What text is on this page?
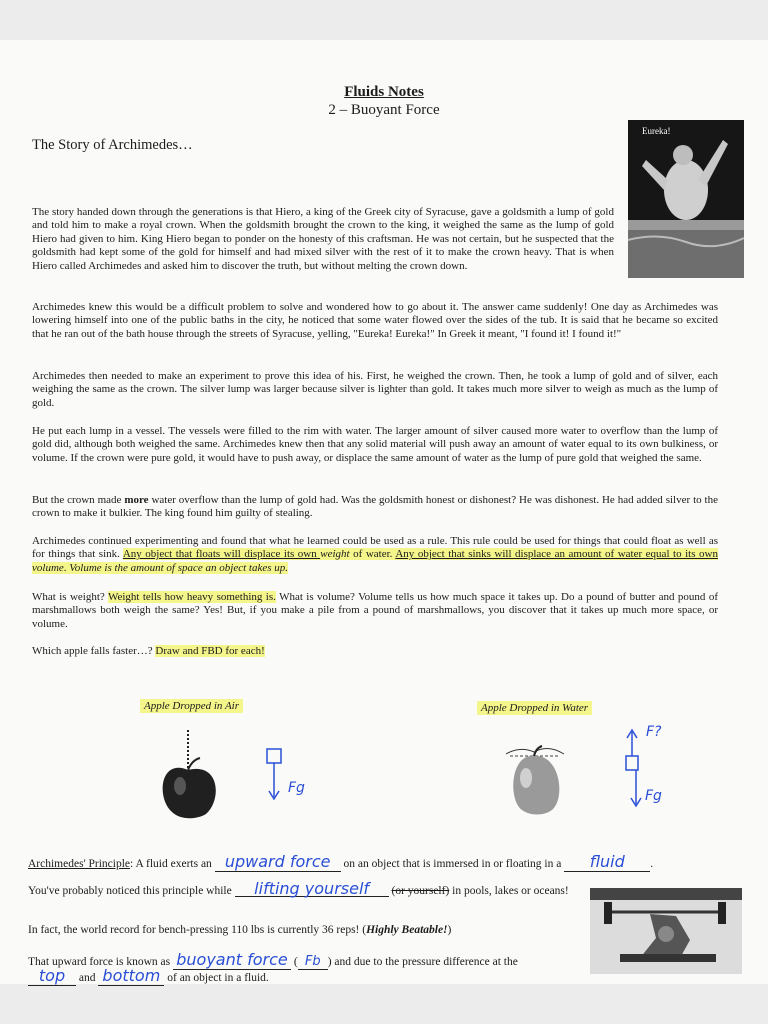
Fluids Notes
2 – Buoyant Force
Eureka!
The Story of Archimedes…

The story handed down through the generations is that Hiero, a king of the Greek city of Syracuse, gave a goldsmith a lump of gold and told him to make a royal crown. When the goldsmith brought the crown to the king, it weighed the same as the lump of gold Hiero had given to him. King Hiero began to ponder on the honesty of this craftsman. He was not certain, but he suspected that the goldsmith had kept some of the gold for himself and had mixed silver with the rest of it to make the crown heavy. That is when Hiero called Archimedes and asked him to discover the truth, but without melting the crown down.

Archimedes knew this would be a difficult problem to solve and wondered how to go about it. The answer came suddenly! One day as Archimedes was lowering himself into one of the public baths in the city, he noticed that some water flowed over the sides of the tub. It is said that he became so excited that he ran out of the bath house through the streets of Syracuse, yelling, "Eureka! Eureka!" In Greek it meant, "I found it! I found it!"

Archimedes then needed to make an experiment to prove this idea of his. First, he weighed the crown. Then, he took a lump of gold and of silver, each weighing the same as the crown. The silver lump was larger because silver is lighter than gold. It takes much more silver to weigh as much as the lump of gold.

He put each lump in a vessel. The vessels were filled to the rim with water. The larger amount of silver caused more water to overflow than the lump of gold did, although both weighed the same. Archimedes knew then that any solid material will push away an amount of water equal to its own bulkiness, or volume. If the crown were pure gold, it would have to push away, or displace the same amount of water as the lump of pure gold that weighed the same.

But the crown made more water overflow than the lump of gold had. Was the goldsmith honest or dishonest? He was dishonest. He had added silver to the crown to make it bulkier. The king found him guilty of stealing.

Archimedes continued experimenting and found that what he learned could be used as a rule. This rule could be used for things that could float as well as for things that sink. Any object that floats will displace its own weight of water. Any object that sinks will displace an amount of water equal to its own volume. Volume is the amount of space an object takes up.

What is weight? Weight tells how heavy something is. What is volume? Volume tells us how much space it takes up. Do a pound of butter and pound of marshmallows both weigh the same? Yes! But, if you make a pile from a pound of marshmallows, you discover that it takes up much more space, or volume.

Which apple falls faster…? Draw and FBD for each!

Apple Dropped in Air	Apple Dropped in Water
Fg
F?
Fg
Archimedes' Principle: A fluid exerts an upward force on an object that is immersed in or floating in a fluid .
You've probably noticed this principle while lifting yourself (or yourself) in pools, lakes or oceans!
In fact, the world record for bench-pressing 110 lbs is currently 36 reps! (Highly Beatable!)
That upward force is known as buoyant force ( Fb ) and due to the pressure difference at the
top and bottom of an object in a fluid.
